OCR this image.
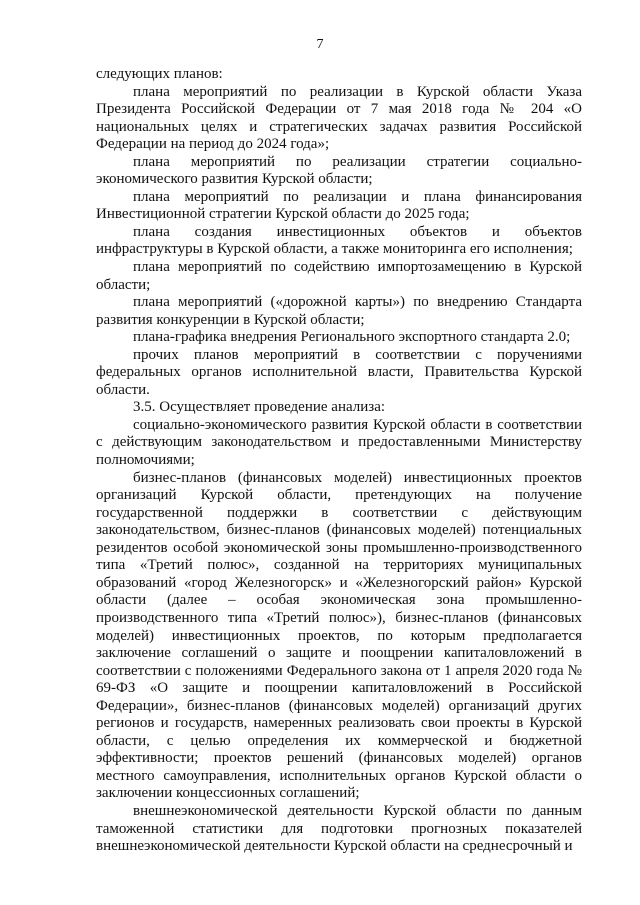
7

следующих планов:

плана мероприятий по реализации в Курской области Указа Президента Российской Федерации от 7 мая 2018 года № 204 «О национальных целях и стратегических задачах развития Российской Федерации на период до 2024 года»;

плана мероприятий по реализации стратегии социально-экономического развития Курской области;

плана мероприятий по реализации и плана финансирования Инвестиционной стратегии Курской области до 2025 года;

плана создания инвестиционных объектов и объектов инфраструктуры в Курской области, а также мониторинга его исполнения;

плана мероприятий по содействию импортозамещению в Курской области;

плана мероприятий («дорожной карты») по внедрению Стандарта развития конкуренции в Курской области;

плана-графика внедрения Регионального экспортного стандарта 2.0;

прочих планов мероприятий в соответствии с поручениями федеральных органов исполнительной власти, Правительства Курской области.

3.5. Осуществляет проведение анализа:

социально-экономического развития Курской области в соответствии с действующим законодательством и предоставленными Министерству полномочиями;

бизнес-планов (финансовых моделей) инвестиционных проектов организаций Курской области, претендующих на получение государственной поддержки в соответствии с действующим законодательством, бизнес-планов (финансовых моделей) потенциальных резидентов особой экономической зоны промышленно-производственного типа «Третий полюс», созданной на территориях муниципальных образований «город Железногорск» и «Железногорский район» Курской области (далее – особая экономическая зона промышленно-производственного типа «Третий полюс»), бизнес-планов (финансовых моделей) инвестиционных проектов, по которым предполагается заключение соглашений о защите и поощрении капиталовложений в соответствии с положениями Федерального закона от 1 апреля 2020 года № 69-ФЗ «О защите и поощрении капиталовложений в Российской Федерации», бизнес-планов (финансовых моделей) организаций других регионов и государств, намеренных реализовать свои проекты в Курской области, с целью определения их коммерческой и бюджетной эффективности; проектов решений (финансовых моделей) органов местного самоуправления, исполнительных органов Курской области о заключении концессионных соглашений;

внешнеэкономической деятельности Курской области по данным таможенной статистики для подготовки прогнозных показателей внешнеэкономической деятельности Курской области на среднесрочный и
